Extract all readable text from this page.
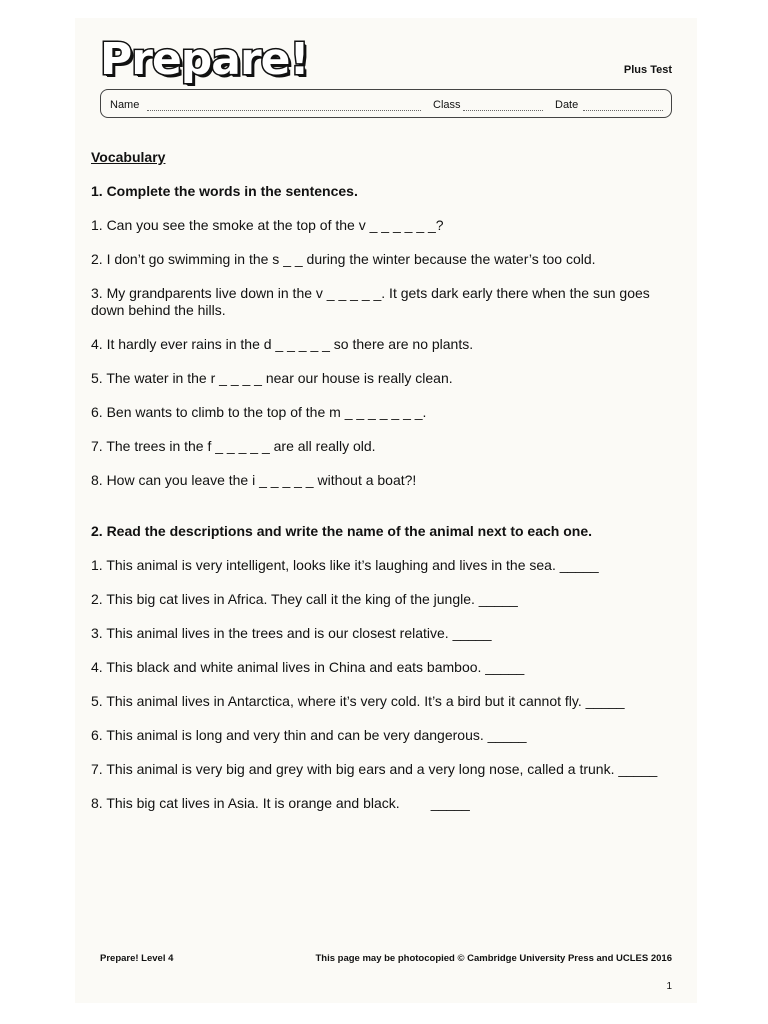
Prepare!	Plus Test
Name	Class	Date

Vocabulary

1. Complete the words in the sentences.

1. Can you see the smoke at the top of the v _ _ _ _ _ _?

2. I don’t go swimming in the s _ _ during the winter because the water’s too cold.

3. My grandparents live down in the v _ _ _ _ _. It gets dark early there when the sun goes down behind the hills.

4. It hardly ever rains in the d _ _ _ _ _ so there are no plants.

5. The water in the r _ _ _ _ near our house is really clean.

6. Ben wants to climb to the top of the m _ _ _ _ _ _ _.

7. The trees in the f _ _ _ _ _ are all really old.

8. How can you leave the i _ _ _ _ _ without a boat?!

2. Read the descriptions and write the name of the animal next to each one.

1. This animal is very intelligent, looks like it’s laughing and lives in the sea. _____

2. This big cat lives in Africa. They call it the king of the jungle. _____

3. This animal lives in the trees and is our closest relative. _____

4. This black and white animal lives in China and eats bamboo. _____

5. This animal lives in Antarctica, where it’s very cold. It’s a bird but it cannot fly. _____

6. This animal is long and very thin and can be very dangerous. _____

7. This animal is very big and grey with big ears and a very long nose, called a trunk. _____

8. This big cat lives in Asia. It is orange and black.        _____

Prepare! Level 4	This page may be photocopied © Cambridge University Press and UCLES 2016
1
